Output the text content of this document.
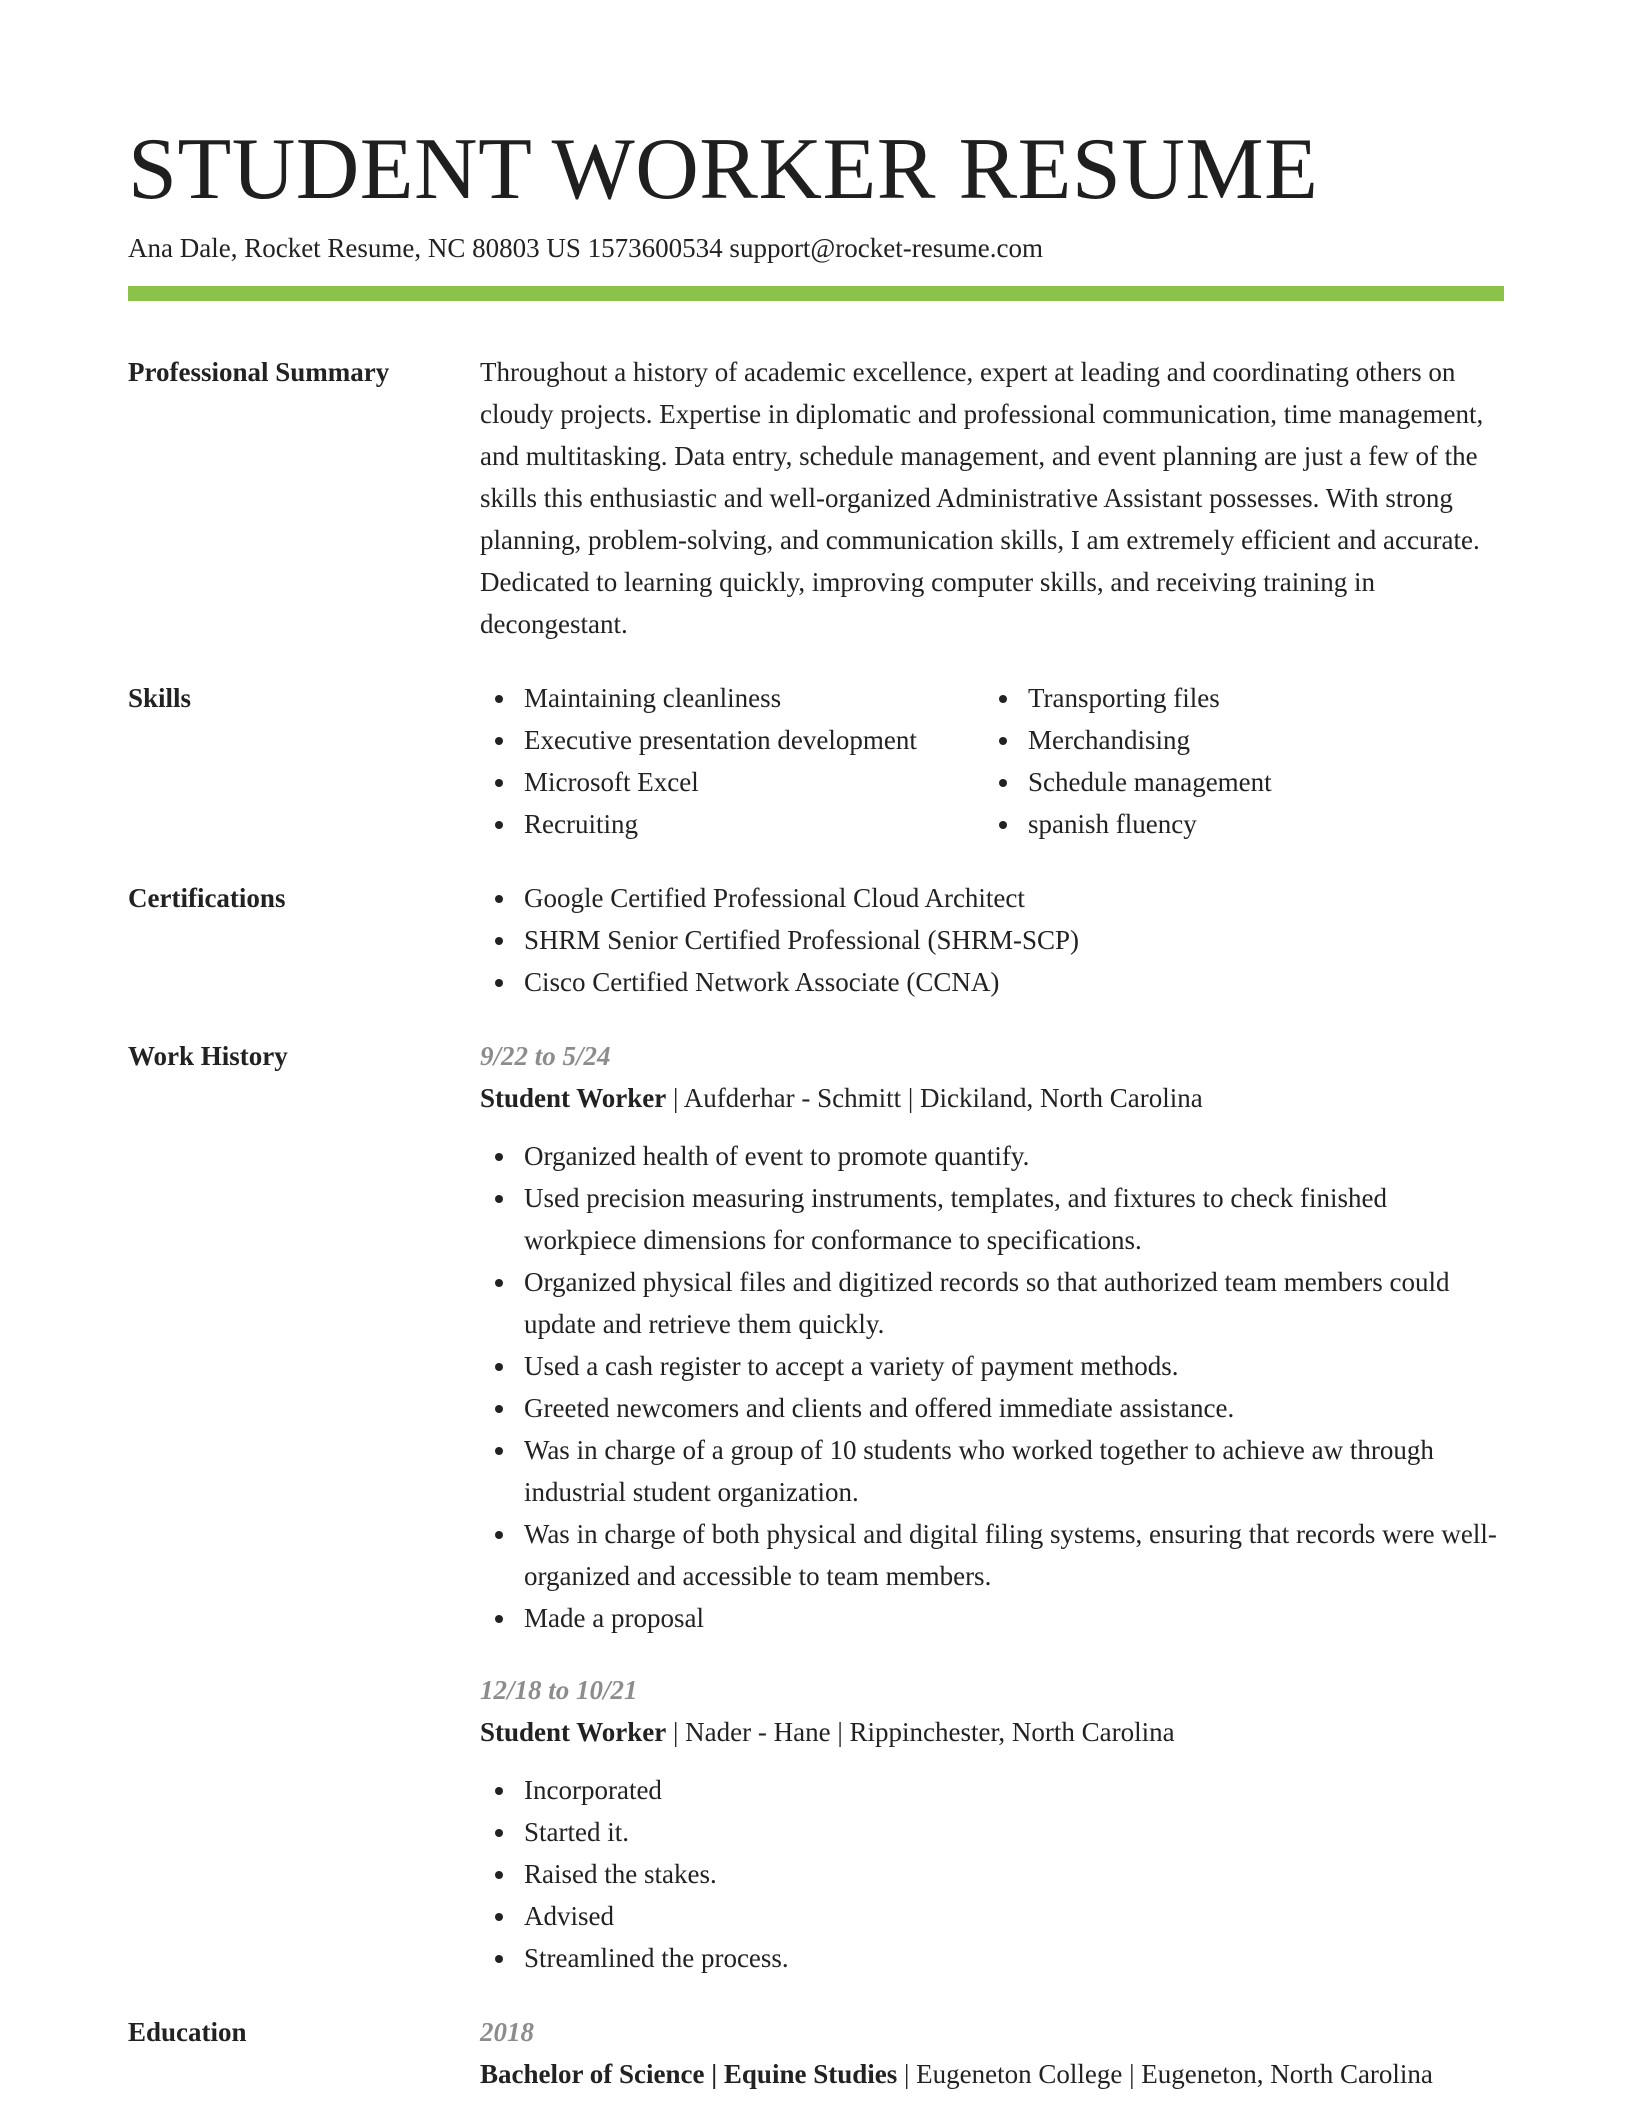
STUDENT WORKER RESUME
Ana Dale, Rocket Resume, NC 80803 US 1573600534 support@rocket-resume.com
Professional Summary	Throughout a history of academic excellence, expert at leading and coordinating others on cloudy projects. Expertise in diplomatic and professional communication, time management, and multitasking. Data entry, schedule management, and event planning are just a few of the skills this enthusiastic and well-organized Administrative Assistant possesses. With strong planning, problem-solving, and communication skills, I am extremely efficient and accurate. Dedicated to learning quickly, improving computer skills, and receiving training in decongestant.
Skills	Maintaining cleanliness
Executive presentation development
Microsoft Excel
Recruiting
Transporting files
Merchandising
Schedule management
spanish fluency
Certifications	Google Certified Professional Cloud Architect
SHRM Senior Certified Professional (SHRM-SCP)
Cisco Certified Network Associate (CCNA)
Work History	9/22 to 5/24
Student Worker | Aufderhar - Schmitt | Dickiland, North Carolina
Organized health of event to promote quantify.
Used precision measuring instruments, templates, and fixtures to check finished workpiece dimensions for conformance to specifications.
Organized physical files and digitized records so that authorized team members could update and retrieve them quickly.
Used a cash register to accept a variety of payment methods.
Greeted newcomers and clients and offered immediate assistance.
Was in charge of a group of 10 students who worked together to achieve aw through industrial student organization.
Was in charge of both physical and digital filing systems, ensuring that records were well-organized and accessible to team members.
Made a proposal
12/18 to 10/21
Student Worker | Nader - Hane | Rippinchester, North Carolina
Incorporated
Started it.
Raised the stakes.
Advised
Streamlined the process.
Education	2018
Bachelor of Science | Equine Studies | Eugeneton College | Eugeneton, North Carolina
